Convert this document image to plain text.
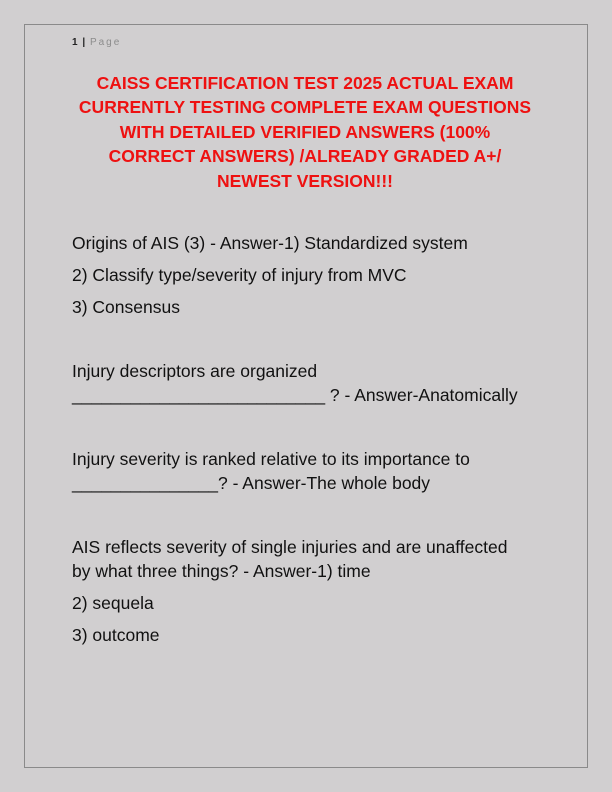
1 | Page
CAISS CERTIFICATION TEST 2025 ACTUAL EXAM
CURRENTLY TESTING COMPLETE EXAM QUESTIONS
WITH DETAILED VERIFIED ANSWERS (100%
CORRECT ANSWERS) /ALREADY GRADED A+/
NEWEST VERSION!!!
Origins of AIS (3) - Answer-1) Standardized system
2) Classify type/severity of injury from MVC
3) Consensus
Injury descriptors are organized
__________________________ ? - Answer-Anatomically
Injury severity is ranked relative to its importance to
_______________? - Answer-The whole body
AIS reflects severity of single injuries and are unaffected
by what three things? - Answer-1) time
2) sequela
3) outcome
